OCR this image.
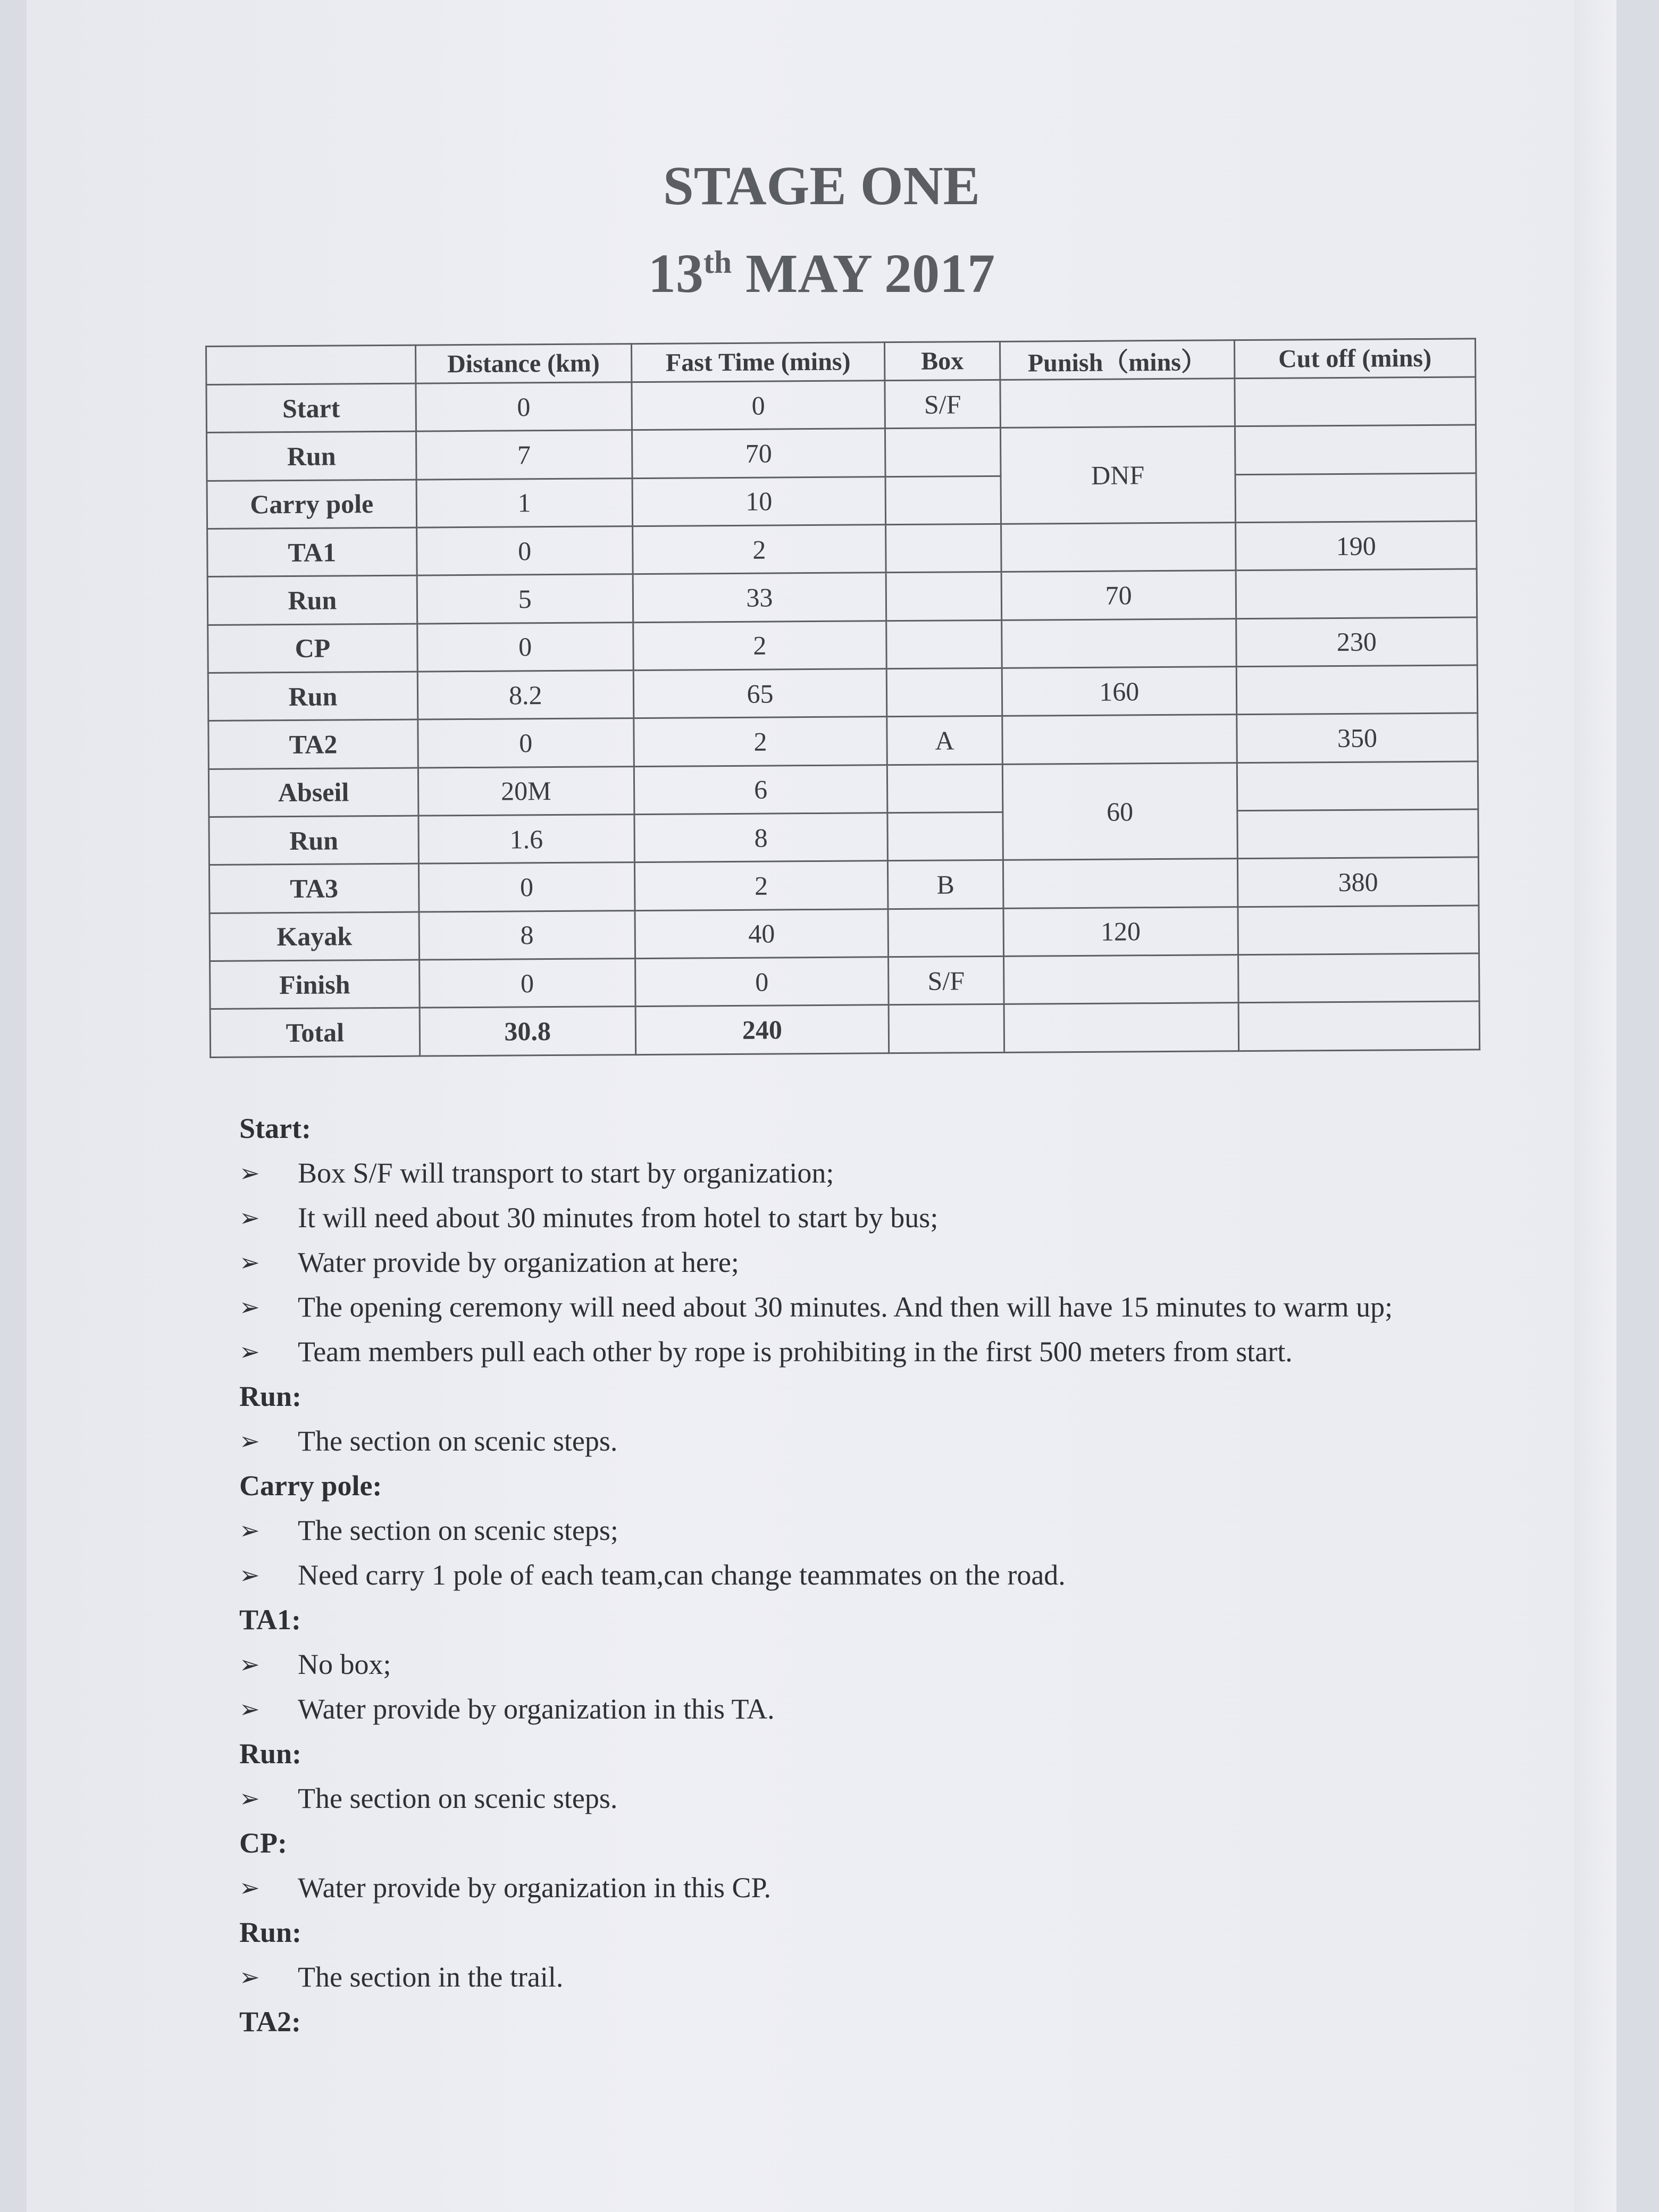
STAGE ONE
13th MAY 2017
	Distance (km)	Fast Time (mins)	Box	Punish（mins）	Cut off (mins)
Start	0	0	S/F		
Run	7	70		DNF	
Carry pole	1	10			
TA1	0	2			190
Run	5	33		70	
CP	0	2			230
Run	8.2	65		160	
TA2	0	2	A		350
Abseil	20M	6		60	
Run	1.6	8			
TA3	0	2	B		380
Kayak	8	40		120	
Finish	0	0	S/F		
Total	30.8	240			
Start:
➢	Box S/F will transport to start by organization;
➢	It will need about 30 minutes from hotel to start by bus;
➢	Water provide by organization at here;
➢	The opening ceremony will need about 30 minutes. And then will have 15 minutes to warm up;
➢	Team members pull each other by rope is prohibiting in the first 500 meters from start.
Run:
➢	The section on scenic steps.
Carry pole:
➢	The section on scenic steps;
➢	Need carry 1 pole of each team,can change teammates on the road.
TA1:
➢	No box;
➢	Water provide by organization in this TA.
Run:
➢	The section on scenic steps.
CP:
➢	Water provide by organization in this CP.
Run:
➢	The section in the trail.
TA2:
